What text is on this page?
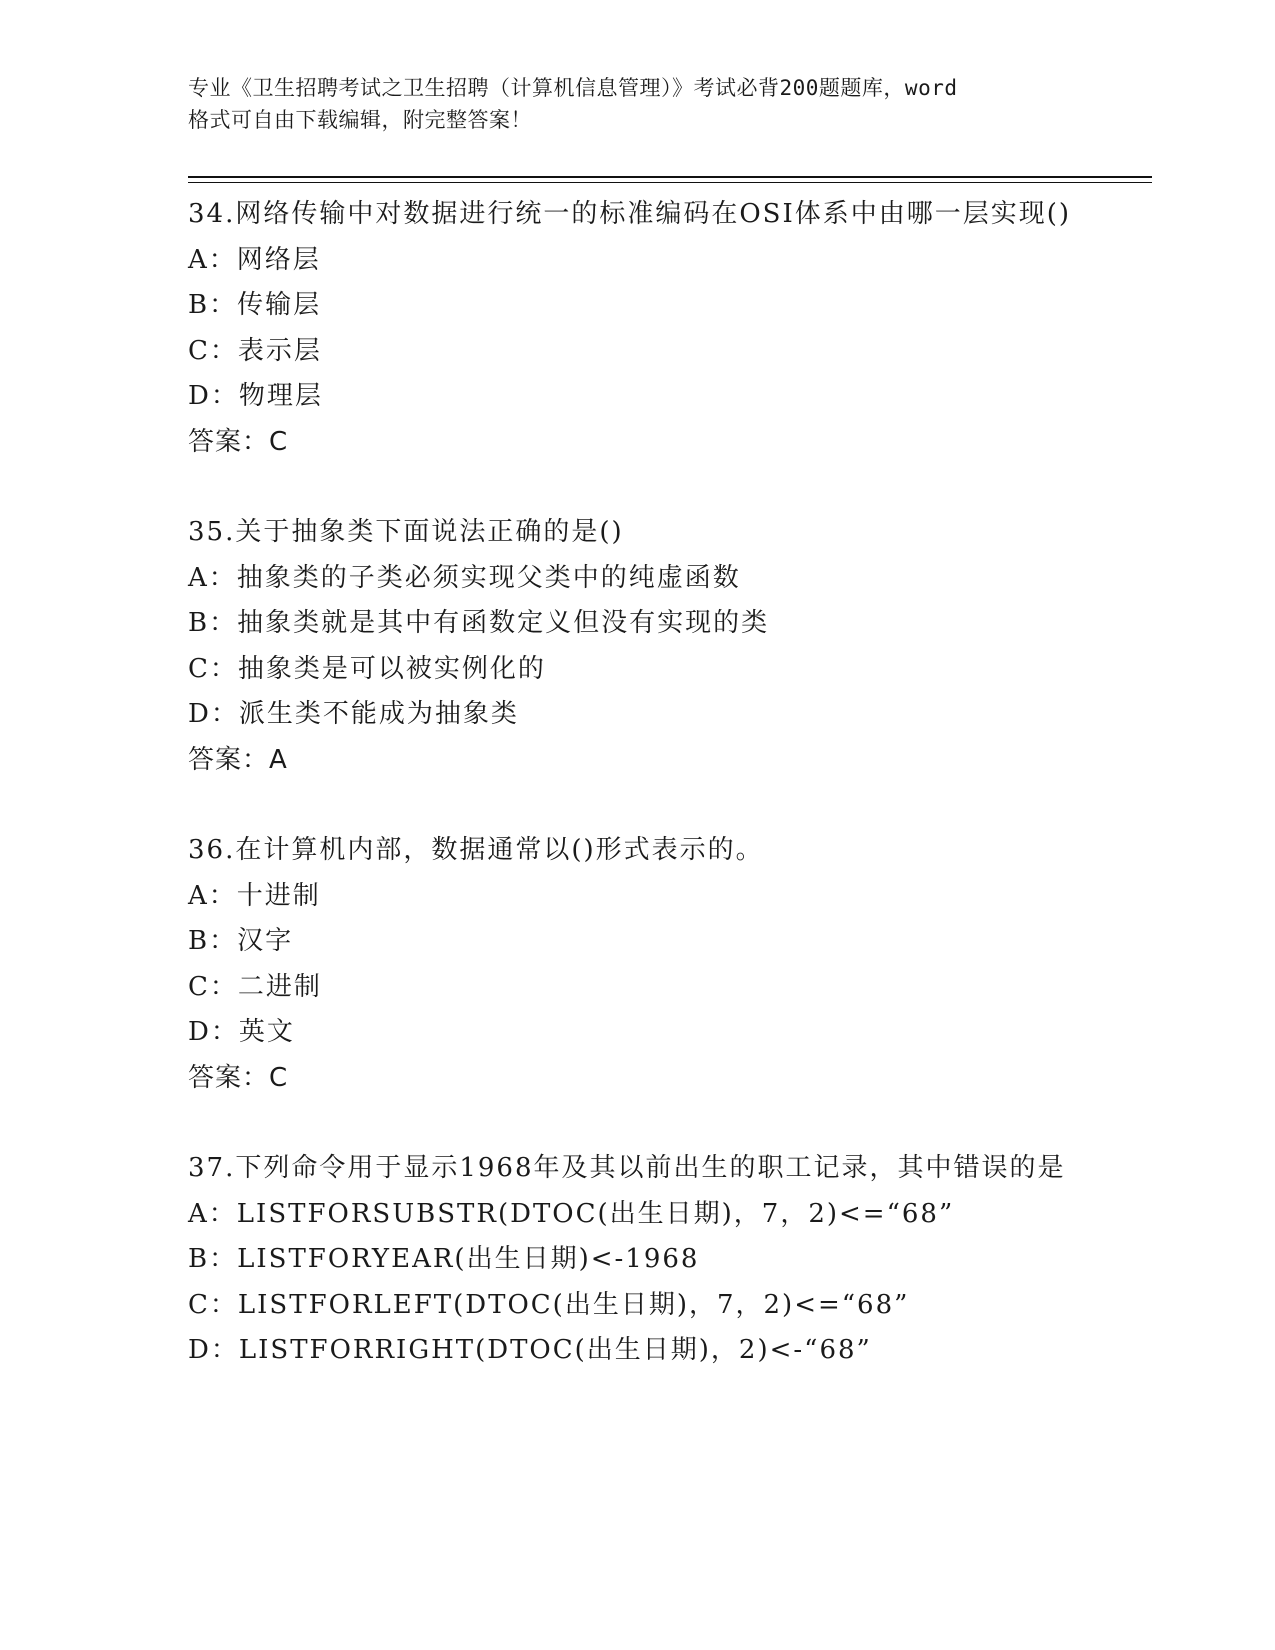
专业《卫生招聘考试之卫生招聘（计算机信息管理）》考试必背200题题库，word
格式可自由下载编辑，附完整答案！
34.网络传输中对数据进行统一的标准编码在OSI体系中由哪一层实现()
A：网络层
B：传输层
C：表示层
D：物理层
答案：C
35.关于抽象类下面说法正确的是()
A：抽象类的子类必须实现父类中的纯虚函数
B：抽象类就是其中有函数定义但没有实现的类
C：抽象类是可以被实例化的
D：派生类不能成为抽象类
答案：A
36.在计算机内部，数据通常以()形式表示的。
A：十进制
B：汉字
C：二进制
D：英文
答案：C
37.下列命令用于显示1968年及其以前出生的职工记录，其中错误的是
A：LISTFORSUBSTR(DTOC(出生日期)，7，2)<=“68”
B：LISTFORYEAR(出生日期)<-1968
C：LISTFORLEFT(DTOC(出生日期)，7，2)<=“68”
D：LISTFORRIGHT(DTOC(出生日期)，2)<-“68”
